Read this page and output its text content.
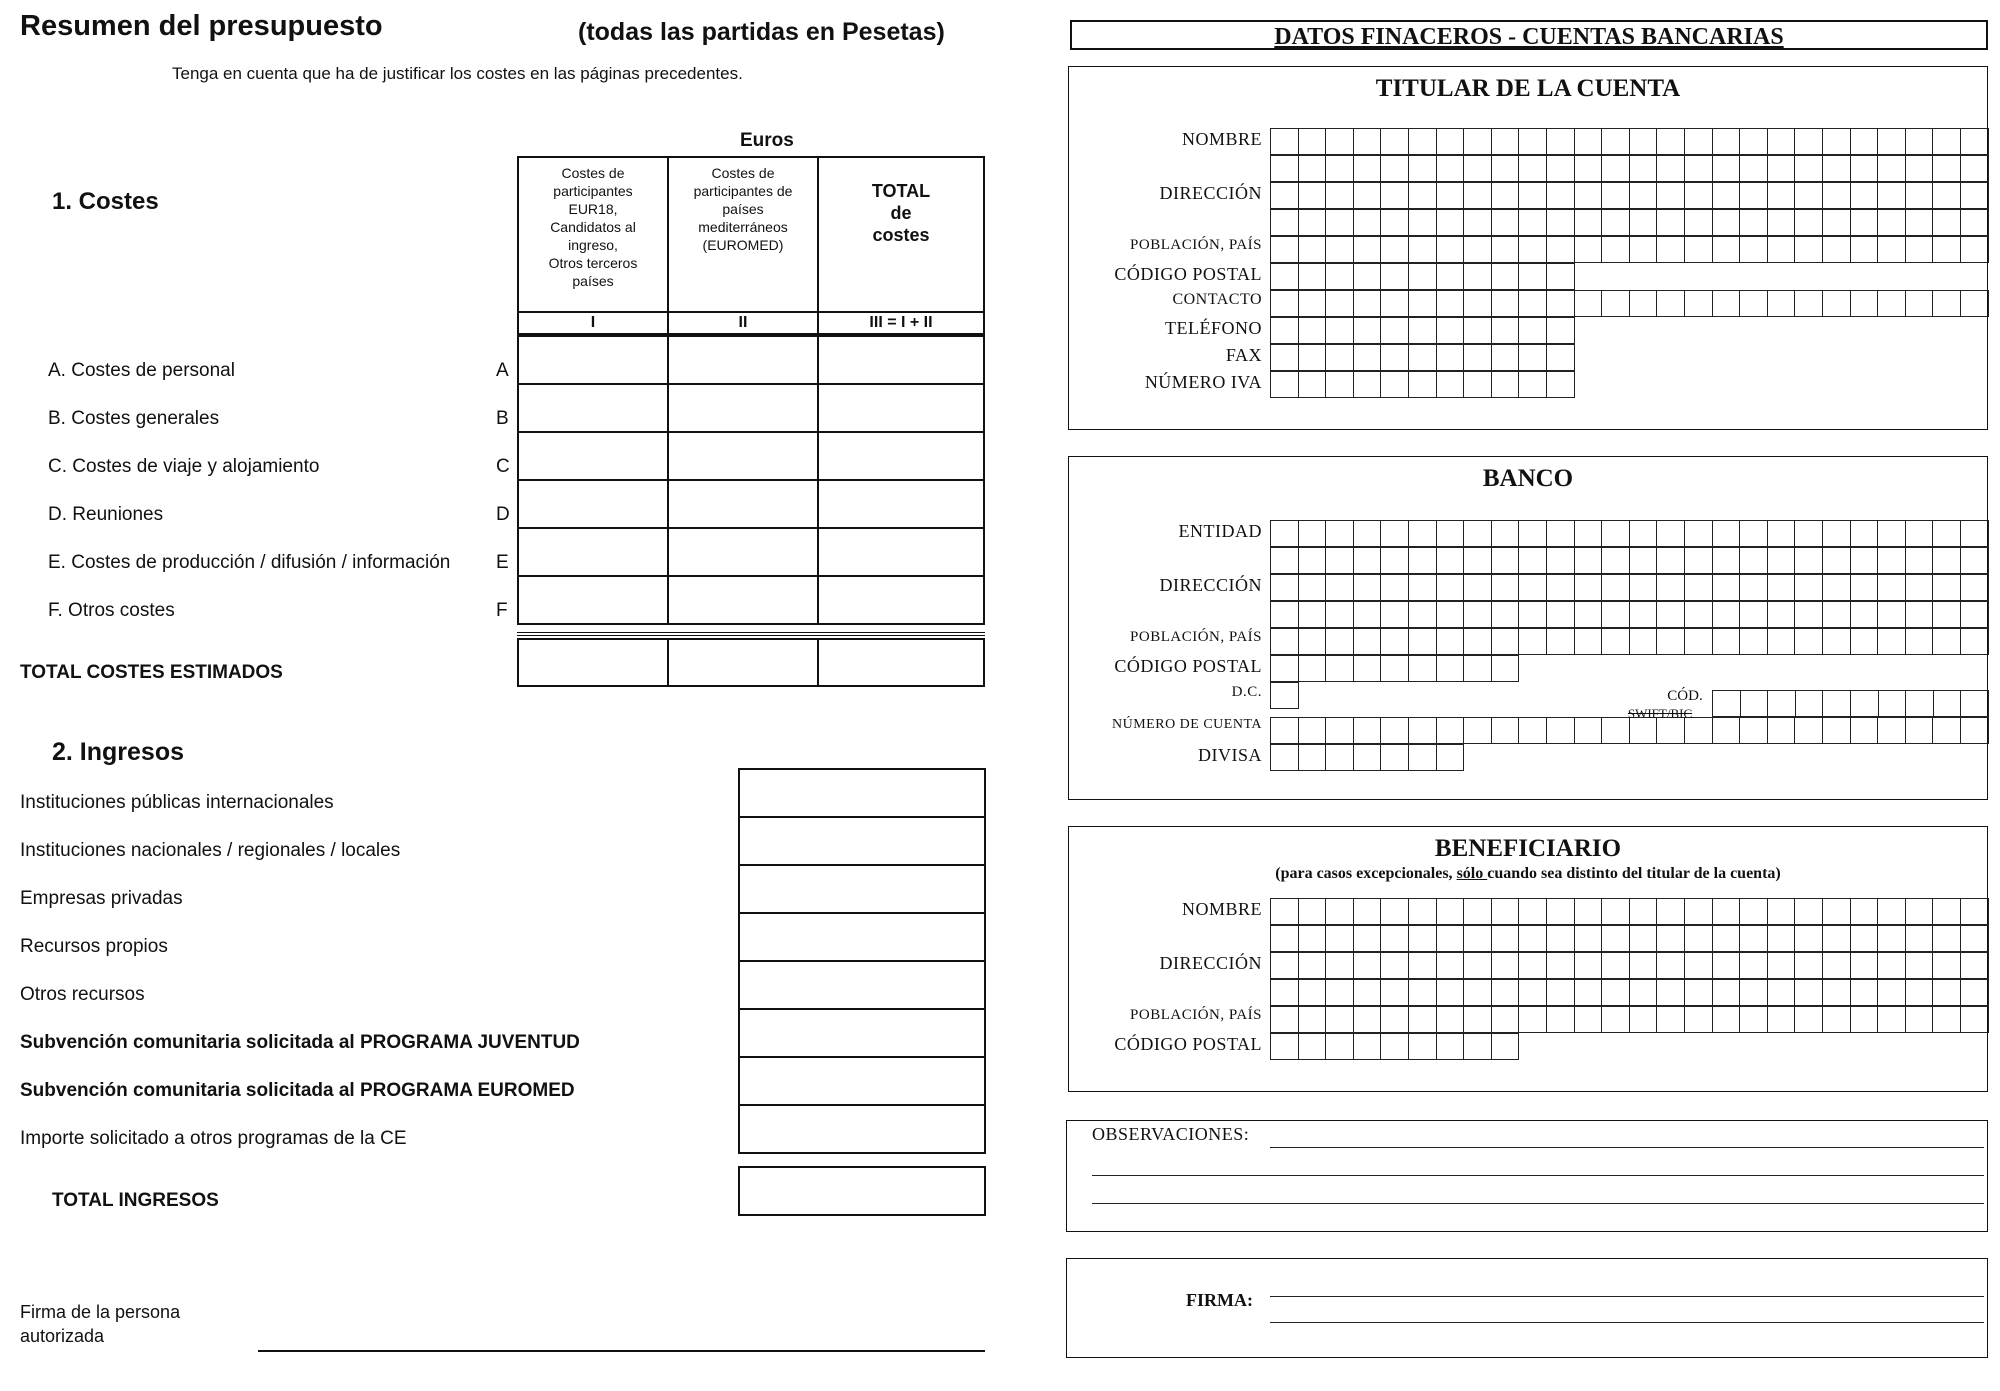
Resumen del presupuesto	(todas las partidas en Pesetas)
Tenga en cuenta que ha de justificar los costes en las páginas precedentes.
Euros
1. Costes
Costes de
participantes
EUR18,
Candidatos al
ingreso,
Otros terceros
países
Costes de
participantes de
países
mediterráneos
(EUROMED)
TOTAL
de
costes
I	II	III = I + II
A. Costes de personal	A
B. Costes generales	B
C. Costes de viaje y alojamiento	C
D. Reuniones	D
E. Costes de producción / difusión / información E
F. Otros costes	F
TOTAL COSTES ESTIMADOS
2. Ingresos
Instituciones públicas internacionales
Instituciones nacionales / regionales / locales
Empresas privadas
Recursos propios
Otros recursos
Subvención comunitaria solicitada al PROGRAMA JUVENTUD
Subvención comunitaria solicitada al PROGRAMA EUROMED
Importe solicitado a otros programas de la CE
TOTAL INGRESOS
Firma de la persona
autorizada
DATOS FINACEROS - CUENTAS BANCARIAS
TITULAR DE LA CUENTA
NOMBRE
DIRECCIÓN
POBLACIÓN, PAÍS
CÓDIGO POSTAL
CONTACTO
TELÉFONO
FAX
NÚMERO IVA
BANCO
ENTIDAD
DIRECCIÓN
POBLACIÓN, PAÍS
CÓDIGO POSTAL
D.C.
NÚMERO DE CUENTA
DIVISA
CÓD.
SWIFT/BIC
BENEFICIARIO
(para casos excepcionales, sólo cuando sea distinto del titular de la cuenta)
NOMBRE
DIRECCIÓN
POBLACIÓN, PAÍS
CÓDIGO POSTAL
OBSERVACIONES:
FIRMA:
